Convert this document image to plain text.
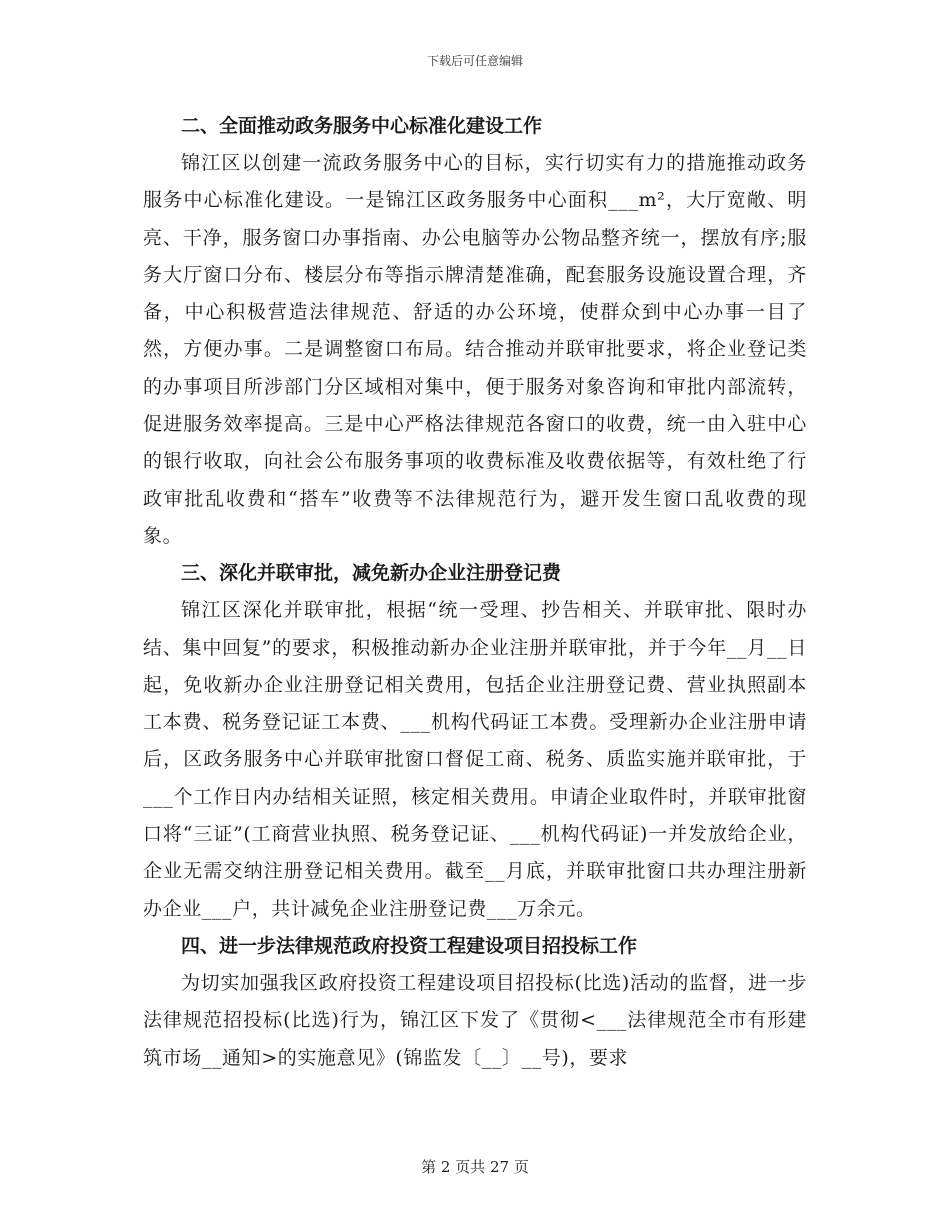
下载后可任意编辑

二、全面推动政务服务中心标准化建设工作

锦江区以创建一流政务服务中心的目标，实行切实有力的措施推动政务服务中心标准化建设。一是锦江区政务服务中心面积___m²，大厅宽敞、明亮、干净，服务窗口办事指南、办公电脑等办公物品整齐统一，摆放有序;服务大厅窗口分布、楼层分布等指示牌清楚准确，配套服务设施设置合理，齐备，中心积极营造法律规范、舒适的办公环境，使群众到中心办事一目了然，方便办事。二是调整窗口布局。结合推动并联审批要求，将企业登记类的办事项目所涉部门分区域相对集中，便于服务对象咨询和审批内部流转，促进服务效率提高。三是中心严格法律规范各窗口的收费，统一由入驻中心的银行收取，向社会公布服务事项的收费标准及收费依据等，有效杜绝了行政审批乱收费和“搭车”收费等不法律规范行为，避开发生窗口乱收费的现象。

三、深化并联审批，减免新办企业注册登记费

锦江区深化并联审批，根据“统一受理、抄告相关、并联审批、限时办结、集中回复”的要求，积极推动新办企业注册并联审批，并于今年__月__日起，免收新办企业注册登记相关费用，包括企业注册登记费、营业执照副本工本费、税务登记证工本费、___机构代码证工本费。受理新办企业注册申请后，区政务服务中心并联审批窗口督促工商、税务、质监实施并联审批，于___个工作日内办结相关证照，核定相关费用。申请企业取件时，并联审批窗口将“三证”(工商营业执照、税务登记证、___机构代码证)一并发放给企业，企业无需交纳注册登记相关费用。截至__月底，并联审批窗口共办理注册新办企业___户，共计减免企业注册登记费___万余元。

四、进一步法律规范政府投资工程建设项目招投标工作

为切实加强我区政府投资工程建设项目招投标(比选)活动的监督，进一步法律规范招投标(比选)行为，锦江区下发了《贯彻<___法律规范全市有形建筑市场__通知>的实施意见》(锦监发〔__〕__号)，要求

第 2 页共 27 页
